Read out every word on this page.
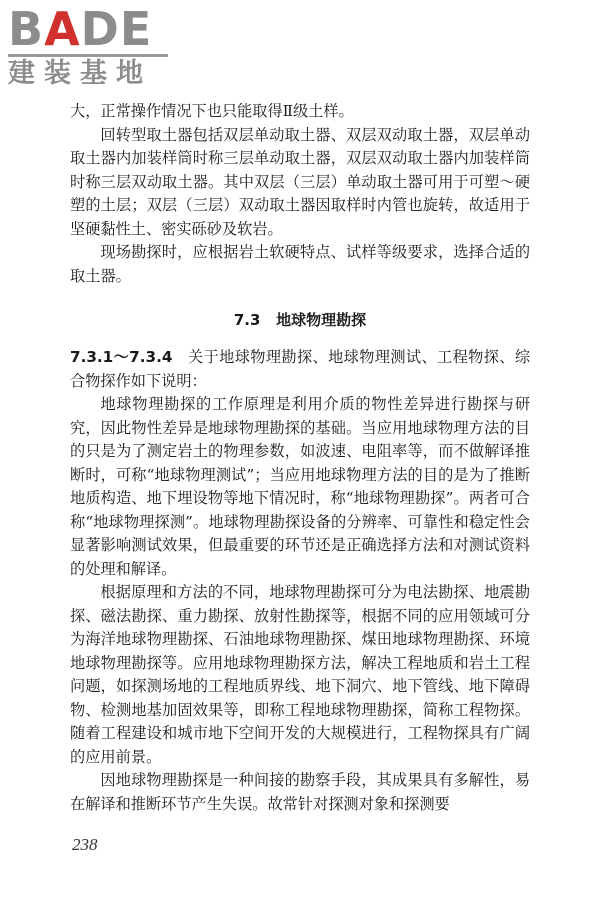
BADE
建装基地

大，正常操作情况下也只能取得Ⅱ级土样。

回转型取土器包括双层单动取土器、双层双动取土器，双层单动取土器内加装样筒时称三层单动取土器，双层双动取土器内加装样筒时称三层双动取土器。其中双层（三层）单动取土器可用于可塑～硬塑的土层；双层（三层）双动取土器因取样时内管也旋转，故适用于坚硬黏性土、密实砾砂及软岩。

现场勘探时，应根据岩土软硬特点、试样等级要求，选择合适的取土器。

7.3 地球物理勘探

7.3.1～7.3.4 关于地球物理勘探、地球物理测试、工程物探、综合物探作如下说明：

地球物理勘探的工作原理是利用介质的物性差异进行勘探与研究，因此物性差异是地球物理勘探的基础。当应用地球物理方法的目的只是为了测定岩土的物理参数，如波速、电阻率等，而不做解译推断时，可称“地球物理测试”；当应用地球物理方法的目的是为了推断地质构造、地下埋设物等地下情况时，称“地球物理勘探”。两者可合称“地球物理探测”。地球物理勘探设备的分辨率、可靠性和稳定性会显著影响测试效果，但最重要的环节还是正确选择方法和对测试资料的处理和解译。

根据原理和方法的不同，地球物理勘探可分为电法勘探、地震勘探、磁法勘探、重力勘探、放射性勘探等，根据不同的应用领域可分为海洋地球物理勘探、石油地球物理勘探、煤田地球物理勘探、环境地球物理勘探等。应用地球物理勘探方法，解决工程地质和岩土工程问题，如探测场地的工程地质界线、地下洞穴、地下管线、地下障碍物、检测地基加固效果等，即称工程地球物理勘探，简称工程物探。随着工程建设和城市地下空间开发的大规模进行，工程物探具有广阔的应用前景。

因地球物理勘探是一种间接的勘察手段，其成果具有多解性，易在解译和推断环节产生失误。故常针对探测对象和探测要

238
